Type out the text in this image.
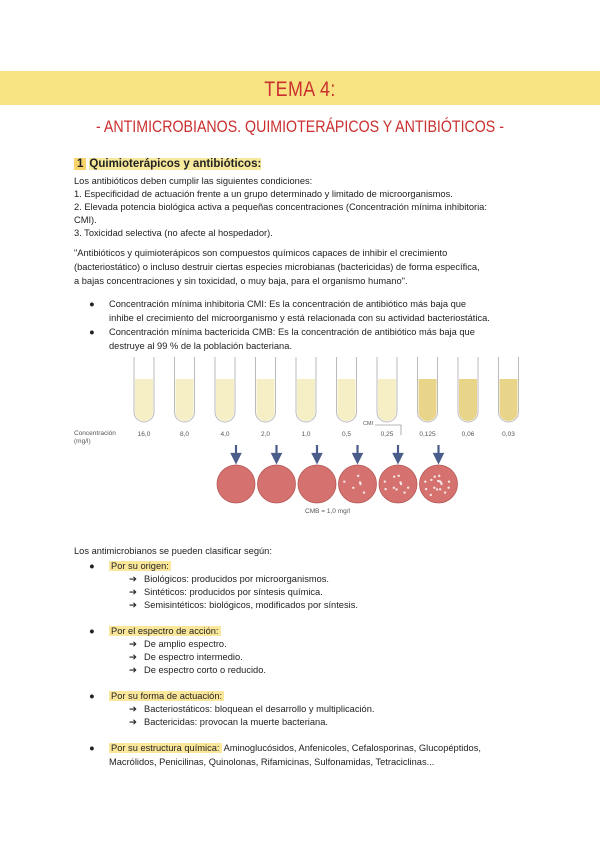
TEMA 4:
- ANTIMICROBIANOS. QUIMIOTERÁPICOS Y ANTIBIÓTICOS -
1 Quimioterápicos y antibióticos:
Los antibióticos deben cumplir las siguientes condiciones:
1. Especificidad de actuación frente a un grupo determinado y limitado de microorganismos.
2. Elevada potencia biológica activa a pequeñas concentraciones (Concentración mínima inhibitoria:
CMI).
3. Toxicidad selectiva (no afecte al hospedador).
"Antibióticos y quimioterápicos son compuestos químicos capaces de inhibir el crecimiento
(bacteriostático) o incluso destruir ciertas especies microbianas (bactericidas) de forma específica,
a bajas concentraciones y sin toxicidad, o muy baja, para el organismo humano".
● Concentración mínima inhibitoria CMI: Es la concentración de antibiótico más baja que
inhibe el crecimiento del microorganismo y está relacionada con su actividad bacteriostática.
● Concentración mínima bactericida CMB: Es la concentración de antibiótico más baja que
destruye al 99 % de la población bacteriana.
Concentración
(mg/l)
16,0	8,0	4,0	2,0	1,0	0,5	0,25	0,125	0,06	0,03
CMI
CMB = 1,0 mg/l
Los antimicrobianos se pueden clasificar según:
● Por su origen:
➔ Biológicos: producidos por microorganismos.
➔ Sintéticos: producidos por síntesis química.
➔ Semisintéticos: biológicos, modificados por síntesis.
● Por el espectro de acción:
➔ De amplio espectro.
➔ De espectro intermedio.
➔ De espectro corto o reducido.
● Por su forma de actuación:
➔ Bacteriostáticos: bloquean el desarrollo y multiplicación.
➔ Bactericidas: provocan la muerte bacteriana.
● Por su estructura química: Aminoglucósidos, Anfenicoles, Cefalosporinas, Glucopéptidos,
Macrólidos, Penicilinas, Quinolonas, Rifamicinas, Sulfonamidas, Tetraciclinas...
